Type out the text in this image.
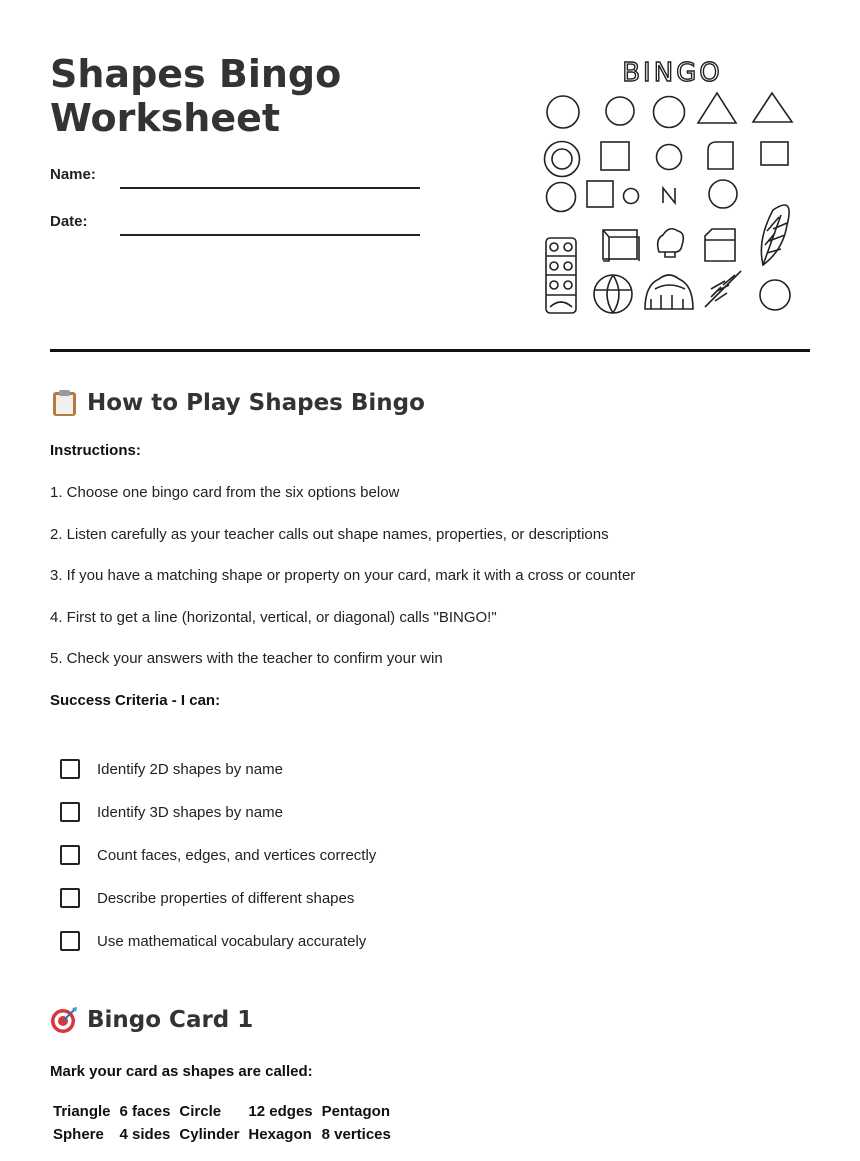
Shapes Bingo Worksheet
Name:
Date:
BINGO
How to Play Shapes Bingo
Instructions:
1. Choose one bingo card from the six options below
2. Listen carefully as your teacher calls out shape names, properties, or descriptions
3. If you have a matching shape or property on your card, mark it with a cross or counter
4. First to get a line (horizontal, vertical, or diagonal) calls "BINGO!"
5. Check your answers with the teacher to confirm your win
Success Criteria - I can:
Identify 2D shapes by name
Identify 3D shapes by name
Count faces, edges, and vertices correctly
Describe properties of different shapes
Use mathematical vocabulary accurately
Bingo Card 1
Mark your card as shapes are called:
Triangle	6 faces	Circle	12 edges	Pentagon
Sphere	4 sides	Cylinder	Hexagon	8 vertices
